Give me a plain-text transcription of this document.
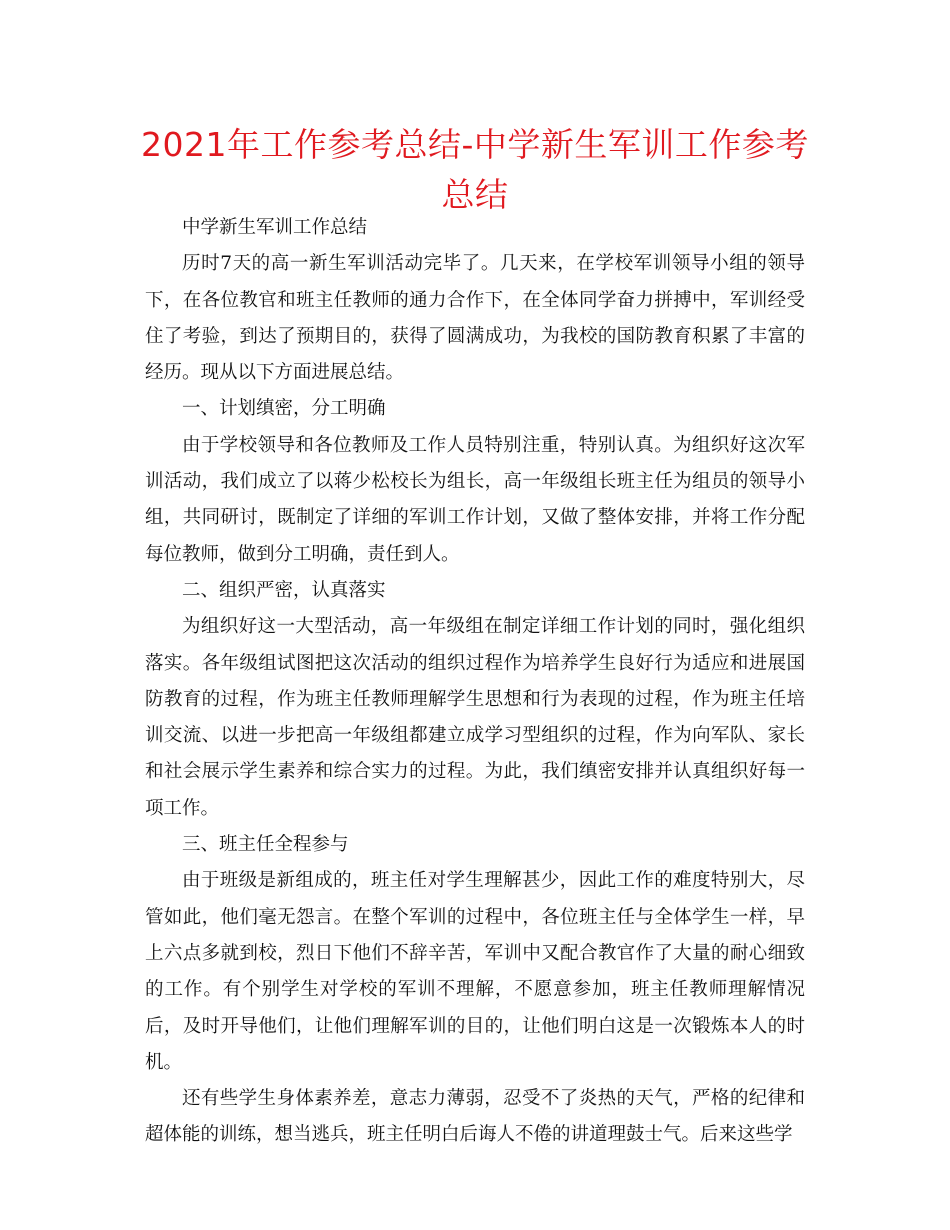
2021年工作参考总结-中学新生军训工作参考总结

中学新生军训工作总结

历时7天的高一新生军训活动完毕了。几天来，在学校军训领导小组的领导下，在各位教官和班主任教师的通力合作下，在全体同学奋力拼搏中，军训经受住了考验，到达了预期目的，获得了圆满成功，为我校的国防教育积累了丰富的经历。现从以下方面进展总结。

一、计划缜密，分工明确

由于学校领导和各位教师及工作人员特别注重，特别认真。为组织好这次军训活动，我们成立了以蒋少松校长为组长，高一年级组长班主任为组员的领导小组，共同研讨，既制定了详细的军训工作计划，又做了整体安排，并将工作分配每位教师，做到分工明确，责任到人。

二、组织严密，认真落实

为组织好这一大型活动，高一年级组在制定详细工作计划的同时，强化组织落实。各年级组试图把这次活动的组织过程作为培养学生良好行为适应和进展国防教育的过程，作为班主任教师理解学生思想和行为表现的过程，作为班主任培训交流、以进一步把高一年级组都建立成学习型组织的过程，作为向军队、家长和社会展示学生素养和综合实力的过程。为此，我们缜密安排并认真组织好每一项工作。

三、班主任全程参与

由于班级是新组成的，班主任对学生理解甚少，因此工作的难度特别大，尽管如此，他们毫无怨言。在整个军训的过程中，各位班主任与全体学生一样，早上六点多就到校，烈日下他们不辞辛苦，军训中又配合教官作了大量的耐心细致的工作。有个别学生对学校的军训不理解，不愿意参加，班主任教师理解情况后，及时开导他们，让他们理解军训的目的，让他们明白这是一次锻炼本人的时机。

还有些学生身体素养差，意志力薄弱，忍受不了炎热的天气，严格的纪律和超体能的训练，想当逃兵，班主任明白后诲人不倦的讲道理鼓士气。后来这些学
